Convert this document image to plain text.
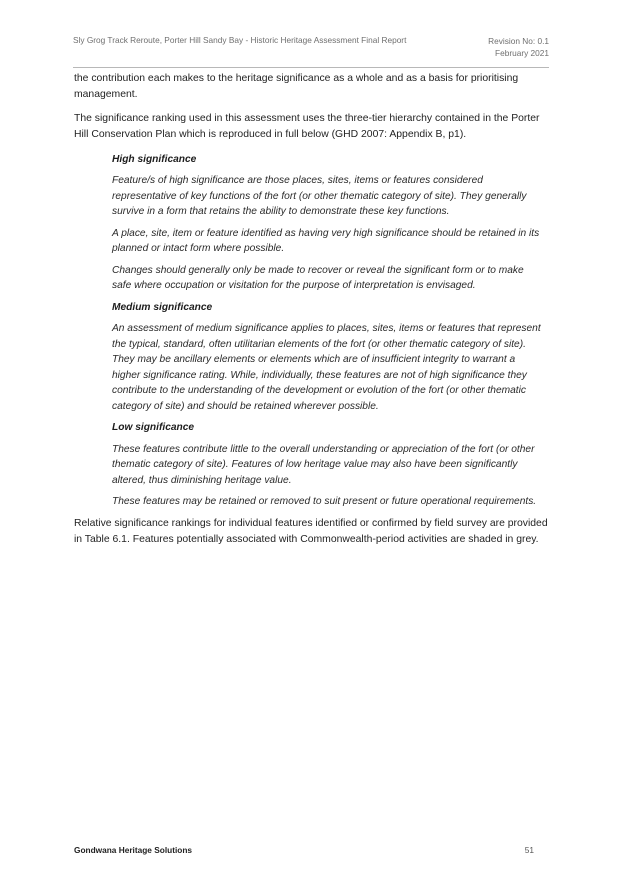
Sly Grog Track Reroute, Porter Hill Sandy Bay - Historic Heritage Assessment Final Report	Revision No: 0.1
February 2021

the contribution each makes to the heritage significance as a whole and as a basis for prioritising management.

The significance ranking used in this assessment uses the three-tier hierarchy contained in the Porter Hill Conservation Plan which is reproduced in full below (GHD 2007: Appendix B, p1).

High significance

Feature/s of high significance are those places, sites, items or features considered representative of key functions of the fort (or other thematic category of site). They generally survive in a form that retains the ability to demonstrate these key functions.

A place, site, item or feature identified as having very high significance should be retained in its planned or intact form where possible.

Changes should generally only be made to recover or reveal the significant form or to make safe where occupation or visitation for the purpose of interpretation is envisaged.

Medium significance

An assessment of medium significance applies to places, sites, items or features that represent the typical, standard, often utilitarian elements of the fort (or other thematic category of site). They may be ancillary elements or elements which are of insufficient integrity to warrant a higher significance rating. While, individually, these features are not of high significance they contribute to the understanding of the development or evolution of the fort (or other thematic category of site) and should be retained wherever possible.

Low significance

These features contribute little to the overall understanding or appreciation of the fort (or other thematic category of site). Features of low heritage value may also have been significantly altered, thus diminishing heritage value.

These features may be retained or removed to suit present or future operational requirements.

Relative significance rankings for individual features identified or confirmed by field survey are provided in Table 6.1. Features potentially associated with Commonwealth-period activities are shaded in grey.

Gondwana Heritage Solutions	51
